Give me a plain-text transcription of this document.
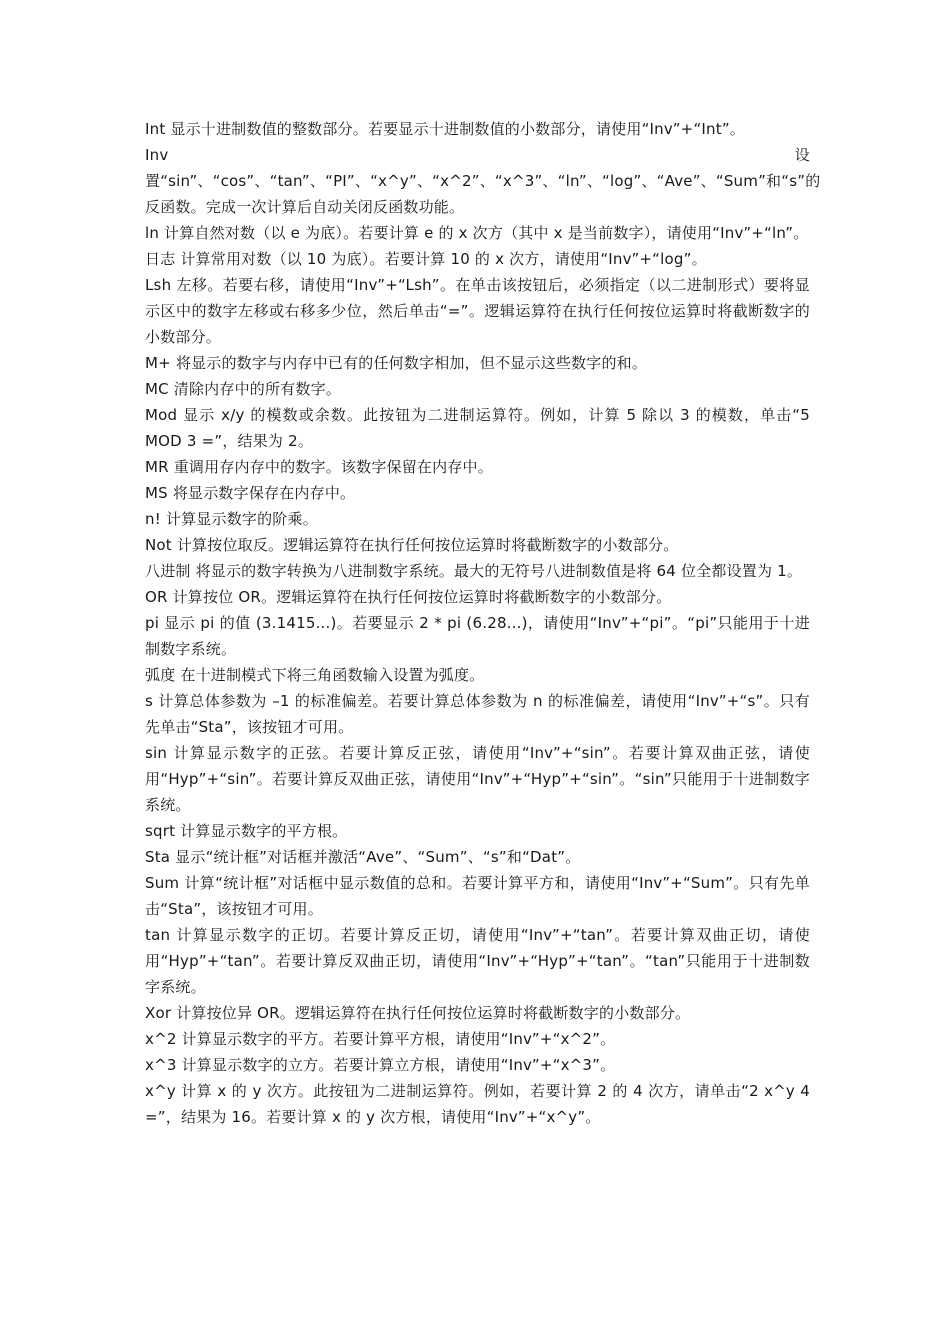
Int 显示十进制数值的整数部分。若要显示十进制数值的小数部分，请使用“Inv”+“Int”。

Inv 设置“sin”、“cos”、“tan”、“PI”、“x^y”、“x^2”、“x^3”、“ln”、“log”、“Ave”、“Sum”和“s”的反函数。完成一次计算后自动关闭反函数功能。

ln 计算自然对数（以 e 为底）。若要计算 e 的 x 次方（其中 x 是当前数字），请使用“Inv”+“ln”。

日志 计算常用对数（以 10 为底）。若要计算 10 的 x 次方，请使用“Inv”+“log”。

Lsh 左移。若要右移，请使用“Inv”+“Lsh”。在单击该按钮后，必须指定（以二进制形式）要将显示区中的数字左移或右移多少位，然后单击“=”。逻辑运算符在执行任何按位运算时将截断数字的小数部分。

M+ 将显示的数字与内存中已有的任何数字相加，但不显示这些数字的和。

MC 清除内存中的所有数字。

Mod 显示 x/y 的模数或余数。此按钮为二进制运算符。例如，计算 5 除以 3 的模数，单击“5 MOD 3 =”，结果为 2。

MR 重调用存内存中的数字。该数字保留在内存中。

MS 将显示数字保存在内存中。

n! 计算显示数字的阶乘。

Not 计算按位取反。逻辑运算符在执行任何按位运算时将截断数字的小数部分。

八进制 将显示的数字转换为八进制数字系统。最大的无符号八进制数值是将 64 位全都设置为 1。

OR 计算按位 OR。逻辑运算符在执行任何按位运算时将截断数字的小数部分。

pi 显示 pi 的值 (3.1415...)。若要显示 2 * pi (6.28...)，请使用“Inv”+“pi”。“pi”只能用于十进制数字系统。

弧度 在十进制模式下将三角函数输入设置为弧度。

s 计算总体参数为 –1 的标准偏差。若要计算总体参数为 n 的标准偏差，请使用“Inv”+“s”。只有先单击“Sta”，该按钮才可用。

sin 计算显示数字的正弦。若要计算反正弦，请使用“Inv”+“sin”。若要计算双曲正弦，请使用“Hyp”+“sin”。若要计算反双曲正弦，请使用“Inv”+“Hyp”+“sin”。“sin”只能用于十进制数字系统。

sqrt 计算显示数字的平方根。

Sta 显示“统计框”对话框并激活“Ave”、“Sum”、“s”和“Dat”。

Sum 计算“统计框”对话框中显示数值的总和。若要计算平方和，请使用“Inv”+“Sum”。只有先单击“Sta”，该按钮才可用。

tan 计算显示数字的正切。若要计算反正切，请使用“Inv”+“tan”。若要计算双曲正切，请使用“Hyp”+“tan”。若要计算反双曲正切，请使用“Inv”+“Hyp”+“tan”。“tan”只能用于十进制数字系统。

Xor 计算按位异 OR。逻辑运算符在执行任何按位运算时将截断数字的小数部分。

x^2 计算显示数字的平方。若要计算平方根，请使用“Inv”+“x^2”。

x^3 计算显示数字的立方。若要计算立方根，请使用“Inv”+“x^3”。

x^y 计算 x 的 y 次方。此按钮为二进制运算符。例如，若要计算 2 的 4 次方，请单击“2 x^y 4 =”，结果为 16。若要计算 x 的 y 次方根，请使用“Inv”+“x^y”。
